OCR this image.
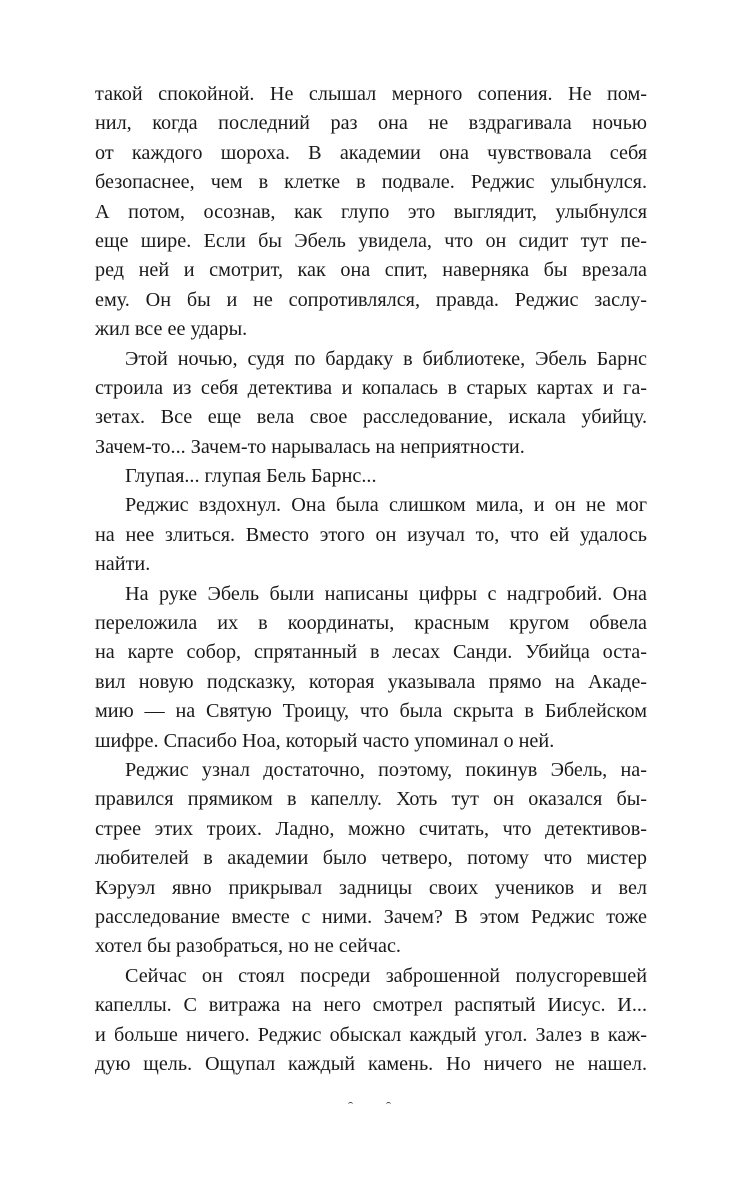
такой спокойной. Не слышал мерного сопения. Не пом-
нил, когда последний раз она не вздрагивала ночью
от каждого шороха. В академии она чувствовала себя
безопаснее, чем в клетке в подвале. Реджис улыбнулся.
А потом, осознав, как глупо это выглядит, улыбнулся
еще шире. Если бы Эбель увидела, что он сидит тут пе-
ред ней и смотрит, как она спит, наверняка бы врезала
ему. Он бы и не сопротивлялся, правда. Реджис заслу-
жил все ее удары.
Этой ночью, судя по бардаку в библиотеке, Эбель Барнс
строила из себя детектива и копалась в старых картах и га-
зетах. Все еще вела свое расследование, искала убийцу.
Зачем-то... Зачем-то нарывалась на неприятности.
Глупая... глупая Бель Барнс...
Реджис вздохнул. Она была слишком мила, и он не мог
на нее злиться. Вместо этого он изучал то, что ей удалось
найти.
На руке Эбель были написаны цифры с надгробий. Она
переложила их в координаты, красным кругом обвела
на карте собор, спрятанный в лесах Санди. Убийца оста-
вил новую подсказку, которая указывала прямо на Акаде-
мию — на Святую Троицу, что была скрыта в Библейском
шифре. Спасибо Ноа, который часто упоминал о ней.
Реджис узнал достаточно, поэтому, покинув Эбель, на-
правился прямиком в капеллу. Хоть тут он оказался бы-
стрее этих троих. Ладно, можно считать, что детективов-
любителей в академии было четверо, потому что мистер
Кэруэл явно прикрывал задницы своих учеников и вел
расследование вместе с ними. Зачем? В этом Реджис тоже
хотел бы разобраться, но не сейчас.
Сейчас он стоял посреди заброшенной полусгоревшей
капеллы. С витража на него смотрел распятый Иисус. И...
и больше ничего. Реджис обыскал каждый угол. Залез в каж-
дую щель. Ощупал каждый камень. Но ничего не нашел.
